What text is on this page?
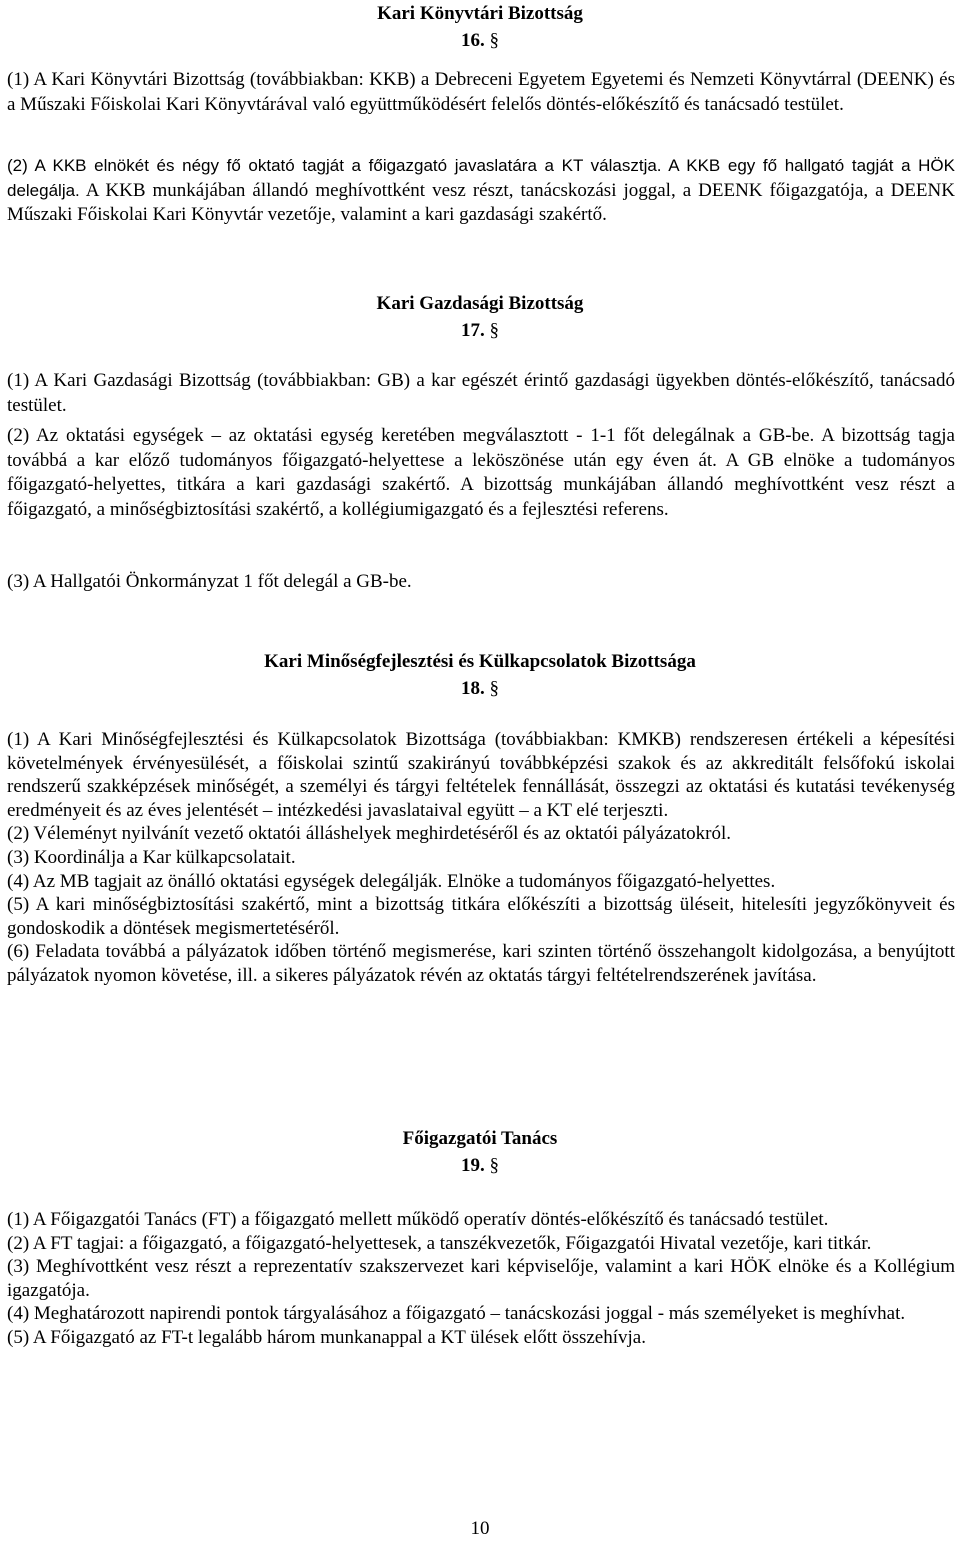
Kari Könyvtári Bizottság
16. §

(1) A Kari Könyvtári Bizottság (továbbiakban: KKB) a Debreceni Egyetem Egyetemi és Nemzeti Könyvtárral (DEENK) és a Műszaki Főiskolai Kari Könyvtárával való együttműködésért felelős döntés-előkészítő és tanácsadó testület.

(2) A KKB elnökét és négy fő oktató tagját a főigazgató javaslatára a KT választja. A KKB egy fő hallgató tagját a HÖK delegálja. A KKB munkájában állandó meghívottként vesz részt, tanácskozási joggal, a DEENK főigazgatója, a DEENK Műszaki Főiskolai Kari Könyvtár vezetője, valamint a kari gazdasági szakértő.

Kari Gazdasági Bizottság
17. §

(1) A Kari Gazdasági Bizottság (továbbiakban: GB) a kar egészét érintő gazdasági ügyekben döntés-előkészítő, tanácsadó testület.

(2) Az oktatási egységek – az oktatási egység keretében megválasztott - 1-1 főt delegálnak a GB-be. A bizottság tagja továbbá a kar előző tudományos főigazgató-helyettese a leköszönése után egy éven át. A GB elnöke a tudományos főigazgató-helyettes, titkára a kari gazdasági szakértő. A bizottság munkájában állandó meghívottként vesz részt a főigazgató, a minőségbiztosítási szakértő, a kollégiumigazgató és a fejlesztési referens.

(3) A Hallgatói Önkormányzat 1 főt delegál a GB-be.

Kari Minőségfejlesztési és Külkapcsolatok Bizottsága
18. §
(1) A Kari Minőségfejlesztési és Külkapcsolatok Bizottsága (továbbiakban: KMKB) rendszeresen értékeli a képesítési követelmények érvényesülését, a főiskolai szintű szakirányú továbbképzési szakok és az akkreditált felsőfokú iskolai rendszerű szakképzések minőségét, a személyi és tárgyi feltételek fennállását, összegzi az oktatási és kutatási tevékenység eredményeit és az éves jelentését – intézkedési javaslataival együtt – a KT elé terjeszti.
(2) Véleményt nyilvánít vezető oktatói álláshelyek meghirdetéséről és az oktatói pályázatokról.
(3) Koordinálja a Kar külkapcsolatait.
(4) Az MB tagjait az önálló oktatási egységek delegálják. Elnöke a tudományos főigazgató-helyettes.
(5) A kari minőségbiztosítási szakértő, mint a bizottság titkára előkészíti a bizottság üléseit, hitelesíti jegyzőkönyveit és gondoskodik a döntések megismertetéséről.
(6) Feladata továbbá a pályázatok időben történő megismerése, kari szinten történő összehangolt kidolgozása, a benyújtott pályázatok nyomon követése, ill. a sikeres pályázatok révén az oktatás tárgyi feltételrendszerének javítása.
Főigazgatói Tanács
19. §
(1) A Főigazgatói Tanács (FT) a főigazgató mellett működő operatív döntés-előkészítő és tanácsadó testület.
(2) A FT tagjai: a főigazgató, a főigazgató-helyettesek, a tanszékvezetők, Főigazgatói Hivatal vezetője, kari titkár.
(3) Meghívottként vesz részt a reprezentatív szakszervezet kari képviselője, valamint a kari HÖK elnöke és a Kollégium igazgatója.
(4) Meghatározott napirendi pontok tárgyalásához a főigazgató – tanácskozási joggal - más személyeket is meghívhat.
(5) A Főigazgató az FT-t legalább három munkanappal a KT ülések előtt összehívja.
10
